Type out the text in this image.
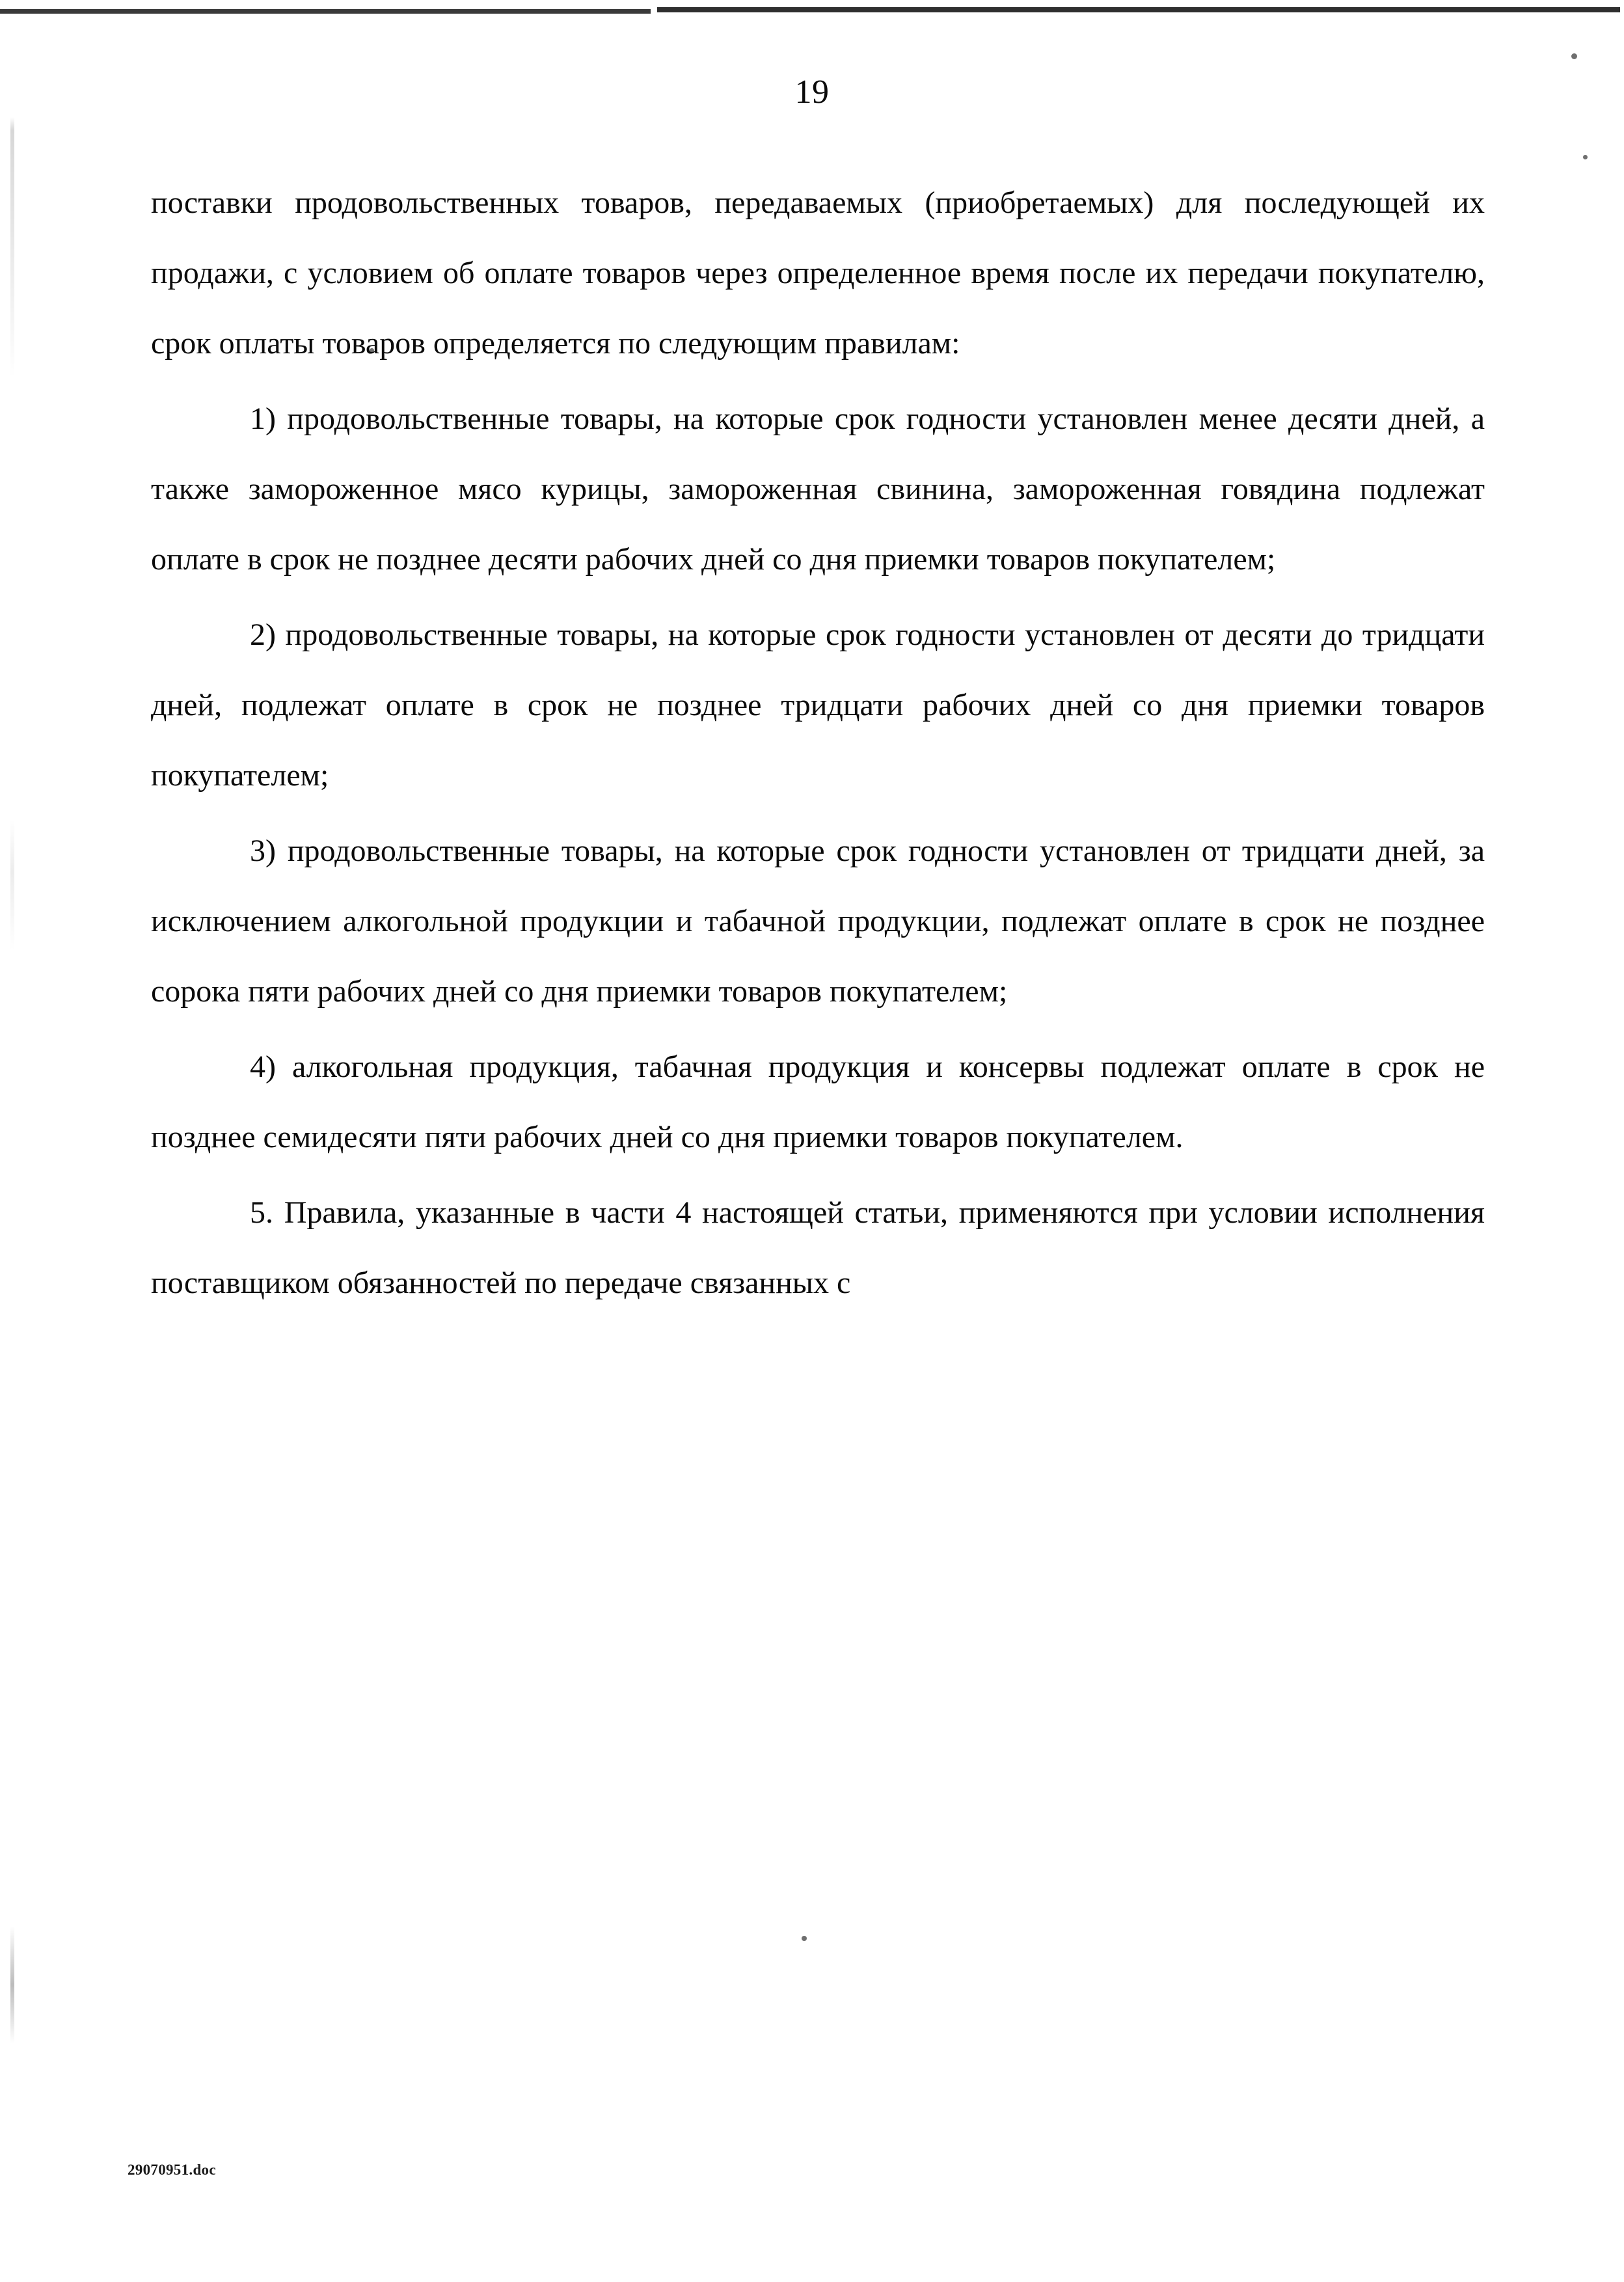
19

поставки продовольственных товаров, передаваемых (приобретаемых) для последующей их продажи, с условием об оплате товаров через определенное время после их передачи покупателю, срок оплаты товаров определяется по следующим правилам:

1) продовольственные товары, на которые срок годности установлен менее десяти дней, а также замороженное мясо курицы, замороженная свинина, замороженная говядина подлежат оплате в срок не позднее десяти рабочих дней со дня приемки товаров покупателем;

2) продовольственные товары, на которые срок годности установлен от десяти до тридцати дней, подлежат оплате в срок не позднее тридцати рабочих дней со дня приемки товаров покупателем;

3) продовольственные товары, на которые срок годности установлен от тридцати дней, за исключением алкогольной продукции и табачной продукции, подлежат оплате в срок не позднее сорока пяти рабочих дней со дня приемки товаров покупателем;

4) алкогольная продукция, табачная продукция и консервы подлежат оплате в срок не позднее семидесяти пяти рабочих дней со дня приемки товаров покупателем.

5. Правила, указанные в части 4 настоящей статьи, применяются при условии исполнения поставщиком обязанностей по передаче связанных с

29070951.doc
